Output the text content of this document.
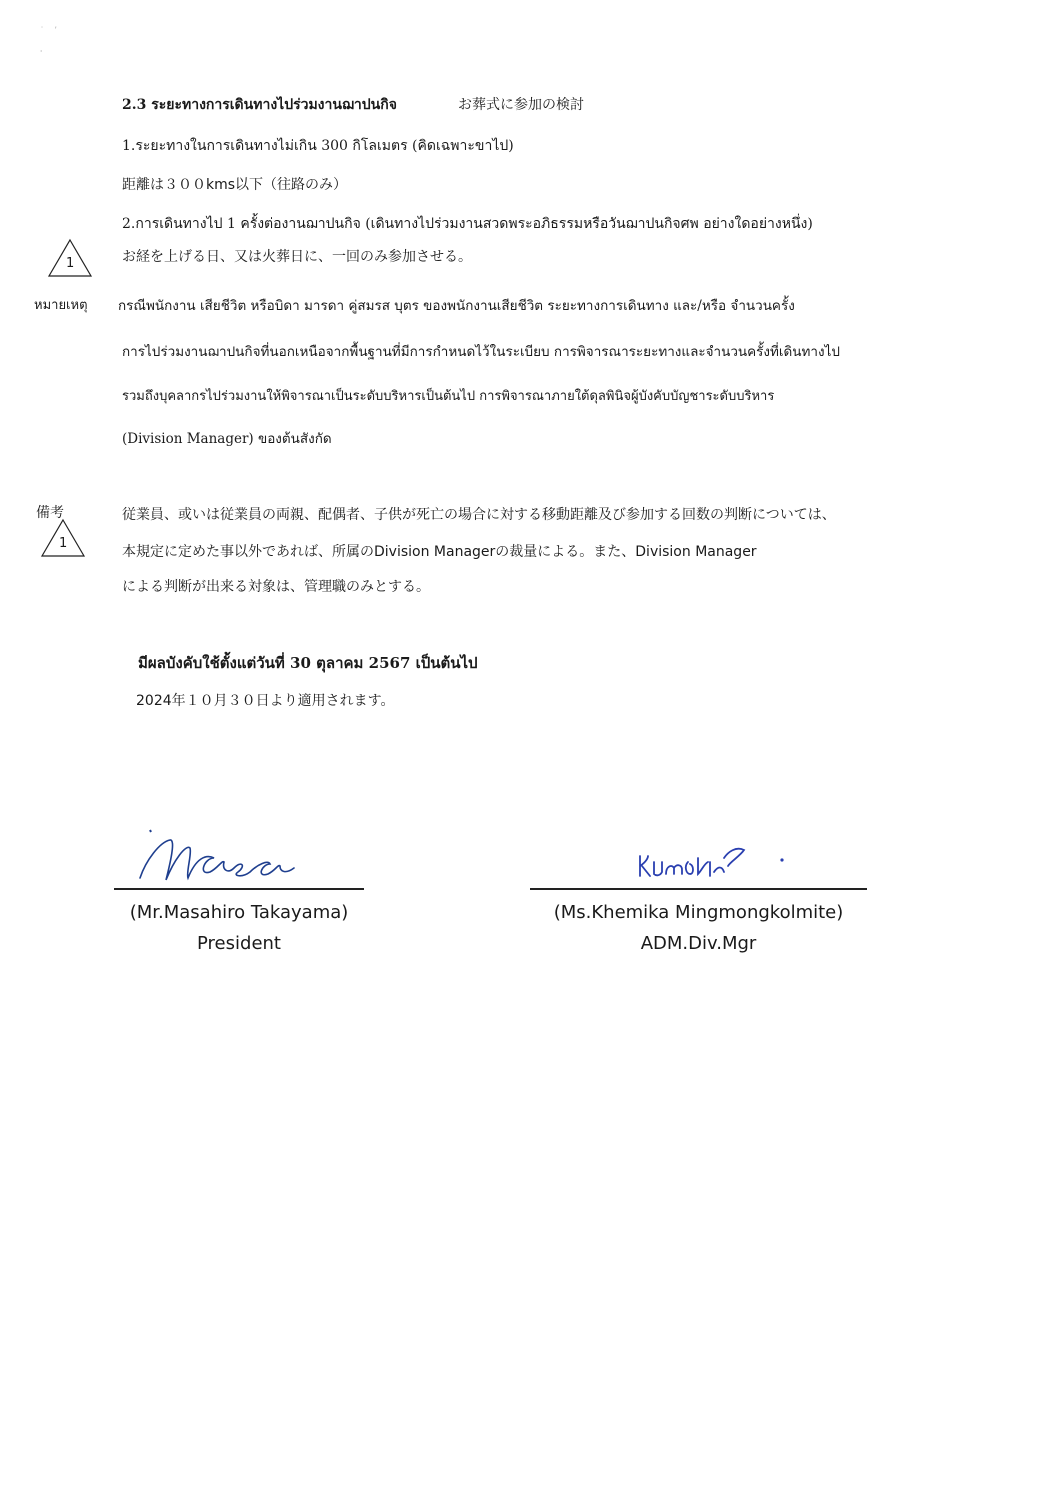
˙    ʼ

ˌ
2.3 ระยะทางการเดินทางไปร่วมงานฌาปนกิจ	お葬式に参加の検討
1.ระยะทางในการเดินทางไม่เกิน 300 กิโลเมตร (คิดเฉพาะขาไป)
距離は３００kms以下（往路のみ）
2.การเดินทางไป 1 ครั้งต่องานฌาปนกิจ (เดินทางไปร่วมงานสวดพระอภิธรรมหรือวันฌาปนกิจศพ อย่างใดอย่างหนึ่ง)
お経を上げる日、又は火葬日に、一回のみ参加させる。
1
หมายเหตุ กรณีพนักงาน เสียชีวิต หรือบิดา มารดา คู่สมรส บุตร ของพนักงานเสียชีวิต ระยะทางการเดินทาง และ/หรือ จำนวนครั้ง
การไปร่วมงานฌาปนกิจที่นอกเหนือจากพื้นฐานที่มีการกำหนดไว้ในระเบียบ การพิจารณาระยะทางและจำนวนครั้งที่เดินทางไป
รวมถึงบุคลากรไปร่วมงานให้พิจารณาเป็นระดับบริหารเป็นต้นไป การพิจารณาภายใต้ดุลพินิจผู้บังคับบัญชาระดับบริหาร
(Division Manager) ของต้นสังกัด
備考
1
従業員、或いは従業員の両親、配偶者、子供が死亡の場合に対する移動距離及び参加する回数の判断については、
本規定に定めた事以外であれば、所属のDivision Managerの裁量による。また、Division Manager
による判断が出来る対象は、管理職のみとする。
มีผลบังคับใช้ตั้งแต่วันที่ 30 ตุลาคม 2567 เป็นต้นไป
2024年１０月３０日より適用されます。
(Mr.Masahiro Takayama)
President
(Ms.Khemika Mingmongkolmite)
ADM.Div.Mgr
